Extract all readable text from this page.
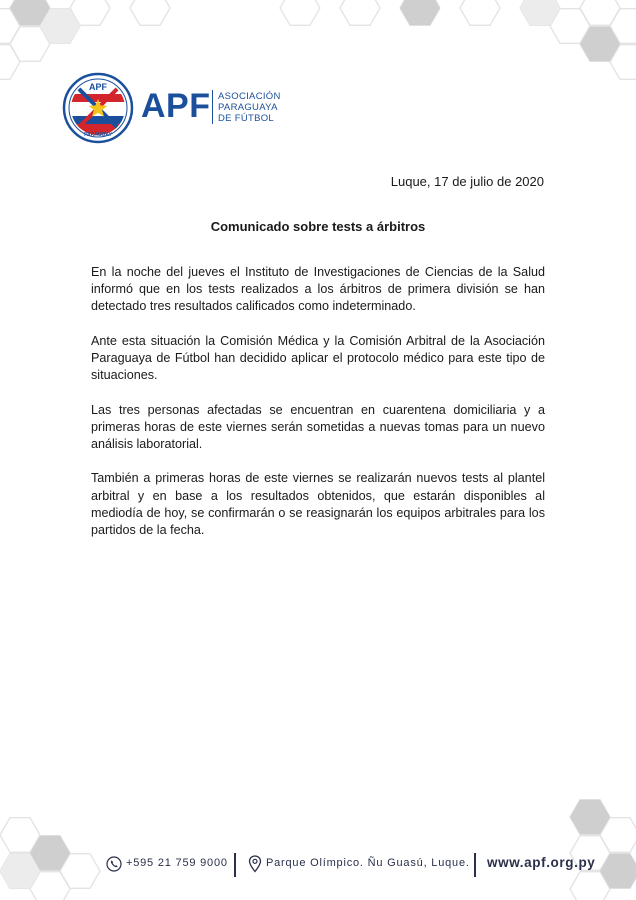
APF
PARAGUAY
APF ASOCIACIÓN
PARAGUAYA
DE FÚTBOL
Luque, 17 de julio de 2020
Comunicado sobre tests a árbitros

En la noche del jueves el Instituto de Investigaciones de Ciencias de la Salud informó que en los tests realizados a los árbitros de primera división se han detectado tres resultados calificados como indeterminado.

Ante esta situación la Comisión Médica y la Comisión Arbitral de la Asociación Paraguaya de Fútbol han decidido aplicar el protocolo médico para este tipo de situaciones.

Las tres personas afectadas se encuentran en cuarentena domiciliaria y a primeras horas de este viernes serán sometidas a nuevas tomas para un nuevo análisis laboratorial.

También a primeras horas de este viernes se realizarán nuevos tests al plantel arbitral y en base a los resultados obtenidos, que estarán disponibles al mediodía de hoy, se confirmarán o se reasignarán los equipos arbitrales para los partidos de la fecha.

+595 21 759 9000	Parque Olímpico. Ñu Guasú, Luque. www.apf.org.py
